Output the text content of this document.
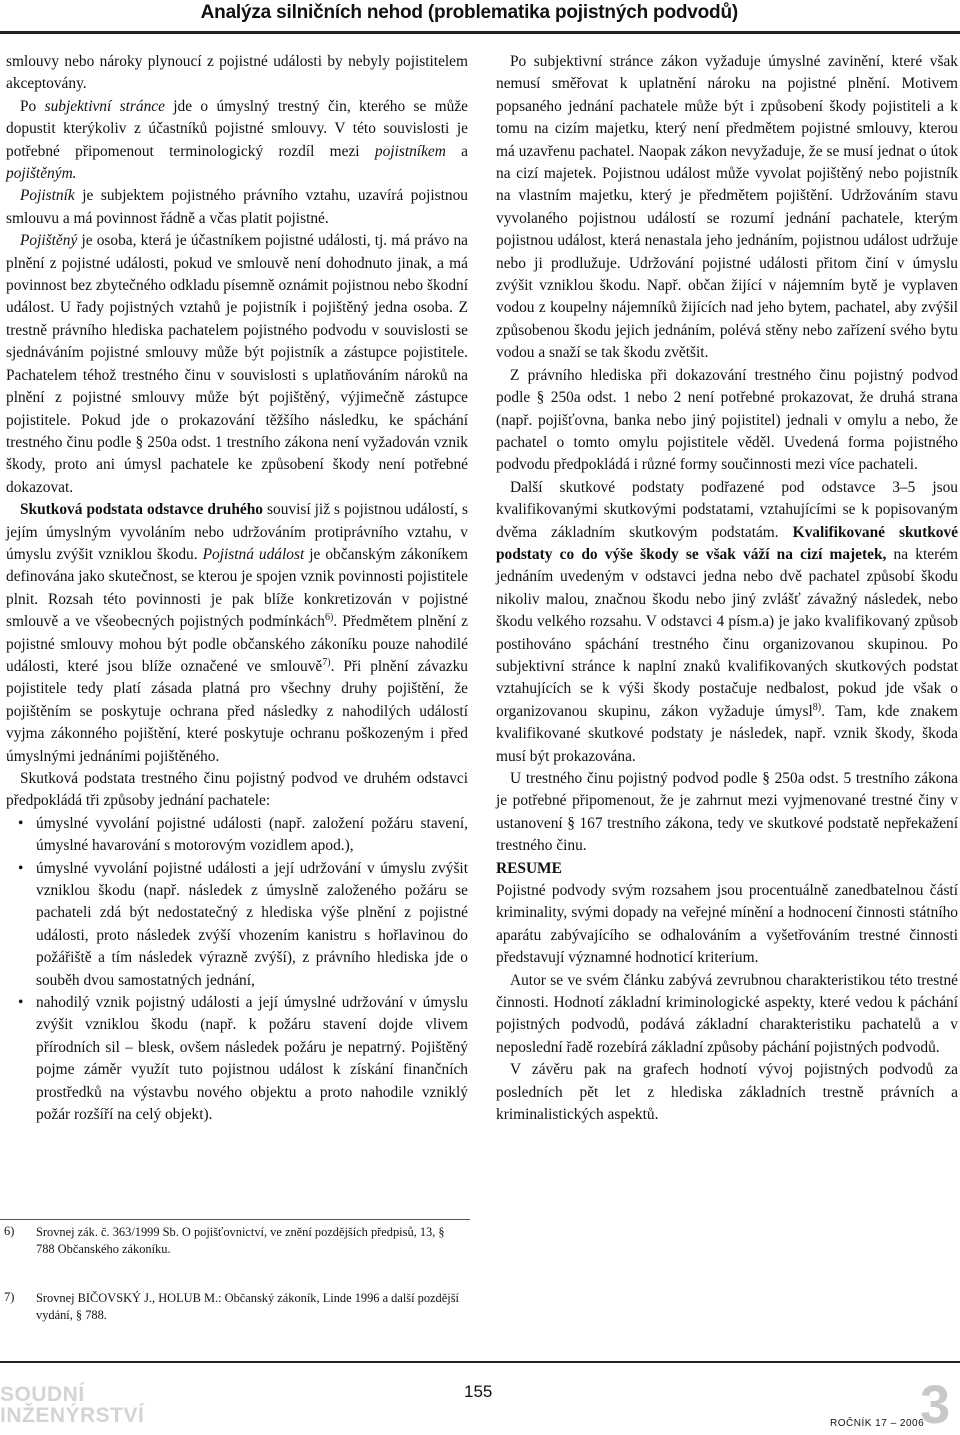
Analýza silničních nehod (problematika pojistných podvodů)

smlouvy nebo nároky plynoucí z pojistné události by nebyly pojistitelem akceptovány.

Po subjektivní stránce jde o úmyslný trestný čin, kterého se může dopustit kterýkoliv z účastníků pojistné smlouvy. V této souvislosti je potřebné připomenout terminologický rozdíl mezi pojistníkem a pojištěným.

Pojistník je subjektem pojistného právního vztahu, uzavírá pojistnou smlouvu a má povinnost řádně a včas platit pojistné.

Pojištěný je osoba, která je účastníkem pojistné události, tj. má právo na plnění z pojistné události, pokud ve smlouvě není dohodnuto jinak, a má povinnost bez zbytečného odkladu písemně oznámit pojistnou nebo škodní událost. U řady pojistných vztahů je pojistník i pojištěný jedna osoba. Z trestně právního hlediska pachatelem pojistného podvodu v souvislosti se sjednáváním pojistné smlouvy může být pojistník a zástupce pojistitele. Pachatelem téhož trestného činu v souvislosti s uplatňováním nároků na plnění z pojistné smlouvy může být pojištěný, výjimečně zástupce pojistitele. Pokud jde o prokazování těžšího následku, ke spáchání trestného činu podle § 250a odst. 1 trestního zákona není vyžadován vznik škody, proto ani úmysl pachatele ke způsobení škody není potřebné dokazovat.

Skutková podstata odstavce druhého souvisí již s pojistnou událostí, s jejím úmyslným vyvoláním nebo udržováním protiprávního vztahu, v úmyslu zvýšit vzniklou škodu. Pojistná událost je občanským zákoníkem definována jako skutečnost, se kterou je spojen vznik povinnosti pojistitele plnit. Rozsah této povinnosti je pak blíže konkretizován v pojistné smlouvě a ve všeobecných pojistných podmínkách$^{6)}$. Předmětem plnění z pojistné smlouvy mohou být podle občanského zákoníku pouze nahodilé události, které jsou blíže označené ve smlouvě$^{7)}$. Při plnění závazku pojistitele tedy platí zásada platná pro všechny druhy pojištění, že pojištěním se poskytuje ochrana před následky z nahodilých událostí vyjma zákonného pojištění, které poskytuje ochranu poškozeným i před úmyslnými jednáními pojištěného.

Skutková podstata trestného činu pojistný podvod ve druhém odstavci předpokládá tři způsoby jednání pachatele:

• úmyslné vyvolání pojistné události (např. založení požáru stavení, úmyslné havarování s motorovým vozidlem apod.),
• úmyslné vyvolání pojistné události a její udržování v úmyslu zvýšit vzniklou škodu (např. následek z úmyslně založeného požáru se pachateli zdá být nedostatečný z hlediska výše plnění z pojistné události, proto následek zvýší vhozením kanistru s hořlavinou do požářiště a tím následek výrazně zvýší), z právního hlediska jde o souběh dvou samostatných jednání,
• nahodilý vznik pojistný události a její úmyslné udržování v úmyslu zvýšit vzniklou škodu (např. k požáru stavení dojde vlivem přírodních sil – blesk, ovšem následek požáru je nepatrný. Pojištěný pojme záměr využít tuto pojistnou událost k získání finančních prostředků na výstavbu nového objektu a proto nahodile vzniklý požár rozšíří na celý objekt).

Po subjektivní stránce zákon vyžaduje úmyslné zavinění, které však nemusí směřovat k uplatnění nároku na pojistné plnění. Motivem popsaného jednání pachatele může být i způsobení škody pojistiteli a k tomu na cizím majetku, který není předmětem pojistné smlouvy, kterou má uzavřenu pachatel. Naopak zákon nevyžaduje, že se musí jednat o útok na cizí majetek. Pojistnou událost může vyvolat pojištěný nebo pojistník na vlastním majetku, který je předmětem pojištění. Udržováním stavu vyvolaného pojistnou událostí se rozumí jednání pachatele, kterým pojistnou událost, která nenastala jeho jednáním, pojistnou událost udržuje nebo ji prodlužuje. Udržování pojistné události přitom činí v úmyslu zvýšit vzniklou škodu. Např. občan žijící v nájemním bytě je vyplaven vodou z koupelny nájemníků žijících nad jeho bytem, pachatel, aby zvýšil způsobenou škodu jejich jednáním, polévá stěny nebo zařízení svého bytu vodou a snaží se tak škodu zvětšit.

Z právního hlediska při dokazování trestného činu pojistný podvod podle § 250a odst. 1 nebo 2 není potřebné prokazovat, že druhá strana (např. pojišťovna, banka nebo jiný pojistitel) jednali v omylu a nebo, že pachatel o tomto omylu pojistitele věděl. Uvedená forma pojistného podvodu předpokládá i různé formy součinnosti mezi více pachateli.

Další skutkové podstaty podřazené pod odstavce 3–5 jsou kvalifikovanými skutkovými podstatami, vztahujícími se k popisovaným dvěma základním skutkovým podstatám. Kvalifikované skutkové podstaty co do výše škody se však váží na cizí majetek, na kterém jednáním uvedeným v odstavci jedna nebo dvě pachatel způsobí škodu nikoliv malou, značnou škodu nebo jiný zvlášť závažný následek, nebo škodu velkého rozsahu. V odstavci 4 písm.a) je jako kvalifikovaný způsob postihováno spáchání trestného činu organizovanou skupinou. Po subjektivní stránce k naplní znaků kvalifikovaných skutkových podstat vztahujících se k výši škody postačuje nedbalost, pokud jde však o organizovanou skupinu, zákon vyžaduje úmysl$^{8)}$. Tam, kde znakem kvalifikované skutkové podstaty je následek, např. vznik škody, škoda musí být prokazována.

U trestného činu pojistný podvod podle § 250a odst. 5 trestního zákona je potřebné připomenout, že je zahrnut mezi vyjmenované trestné činy v ustanovení § 167 trestního zákona, tedy ve skutkové podstatě nepřekažení trestného činu.

RESUME

Pojistné podvody svým rozsahem jsou procentuálně zanedbatelnou částí kriminality, svými dopady na veřejné mínění a hodnocení činnosti státního aparátu zabývajícího se odhalováním a vyšetřováním trestné činnosti představují významné hodnoticí kriterium.

Autor se ve svém článku zabývá zevrubnou charakteristikou této trestné činnosti. Hodnotí základní kriminologické aspekty, které vedou k páchání pojistných podvodů, podává základní charakteristiku pachatelů a v neposlední řadě rozebírá základní způsoby páchání pojistných podvodů.

V závěru pak na grafech hodnotí vývoj pojistných podvodů za posledních pět let z hlediska základních trestně právních a kriminalistických aspektů.

6) Srovnej zák. č. 363/1999 Sb. O pojišťovnictví, ve znění pozdějších předpisů, 13, § 788 Občanského zákoníku.
7) Srovnej BIČOVSKÝ J., HOLUB M.: Občanský zákoník, Linde 1996 a další pozdější vydání, § 788.
SOUDNÍ
INŽENÝRSTVÍ
155
ROČNÍK 17 – 2006
3
